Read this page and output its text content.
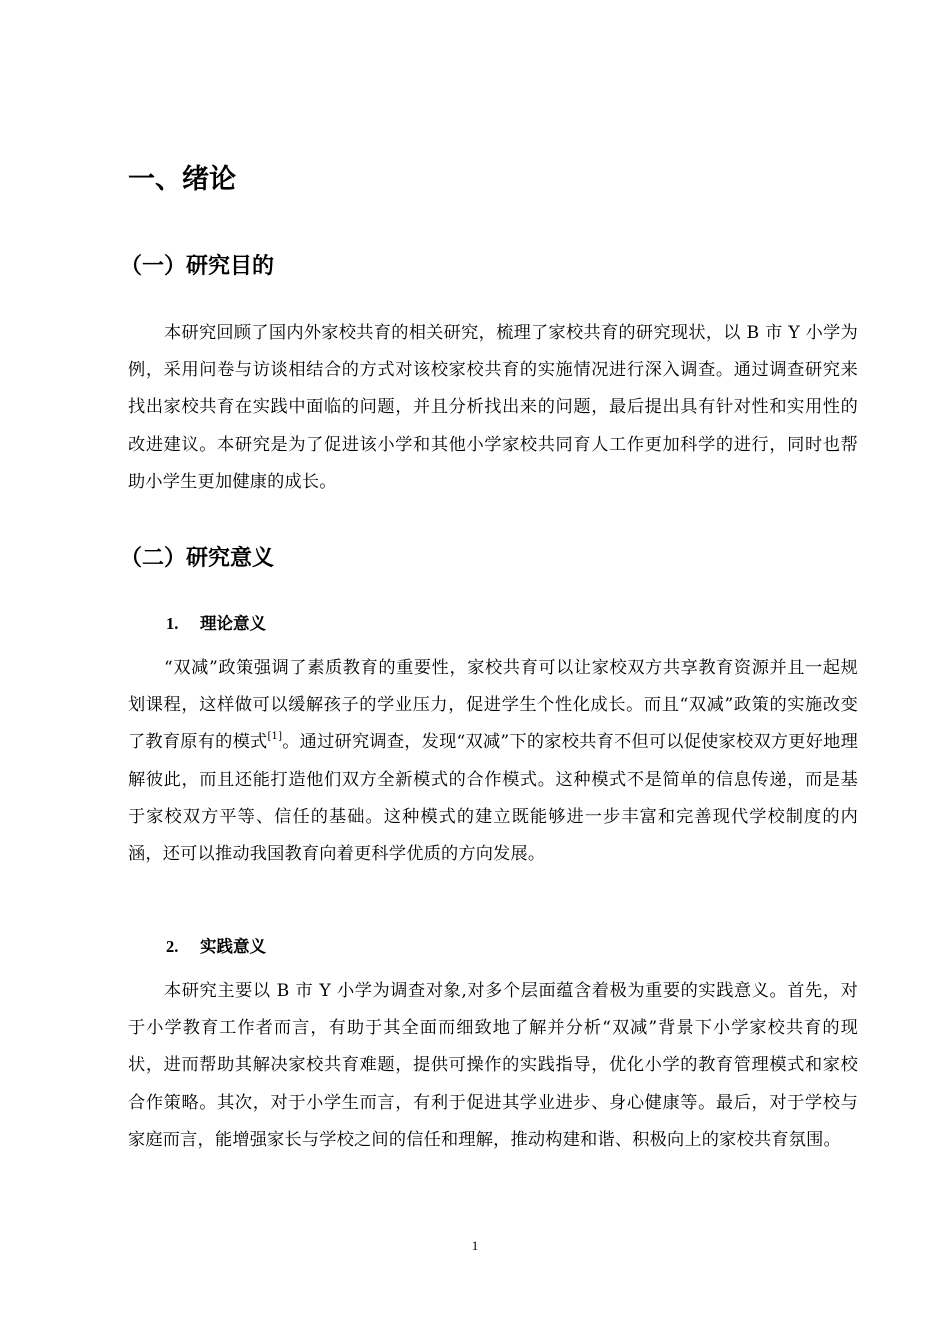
一、绪论
（一）研究目的

本研究回顾了国内外家校共育的相关研究，梳理了家校共育的研究现状，以 B 市 Y 小学为例，采用问卷与访谈相结合的方式对该校家校共育的实施情况进行深入调查。通过调查研究来找出家校共育在实践中面临的问题，并且分析找出来的问题，最后提出具有针对性和实用性的改进建议。本研究是为了促进该小学和其他小学家校共同育人工作更加科学的进行，同时也帮助小学生更加健康的成长。

（二）研究意义
1. 理论意义

“双减”政策强调了素质教育的重要性，家校共育可以让家校双方共享教育资源并且一起规划课程，这样做可以缓解孩子的学业压力，促进学生个性化成长。而且“双减”政策的实施改变了教育原有的模式[1]。通过研究调查，发现“双减”下的家校共育不但可以促使家校双方更好地理解彼此，而且还能打造他们双方全新模式的合作模式。这种模式不是简单的信息传递，而是基于家校双方平等、信任的基础。这种模式的建立既能够进一步丰富和完善现代学校制度的内涵，还可以推动我国教育向着更科学优质的方向发展。

2. 实践意义

本研究主要以 B 市 Y 小学为调查对象,对多个层面蕴含着极为重要的实践意义。首先，对于小学教育工作者而言，有助于其全面而细致地了解并分析“双减”背景下小学家校共育的现状，进而帮助其解决家校共育难题，提供可操作的实践指导，优化小学的教育管理模式和家校合作策略。其次，对于小学生而言，有利于促进其学业进步、身心健康等。最后，对于学校与家庭而言，能增强家长与学校之间的信任和理解，推动构建和谐、积极向上的家校共育氛围。

1
